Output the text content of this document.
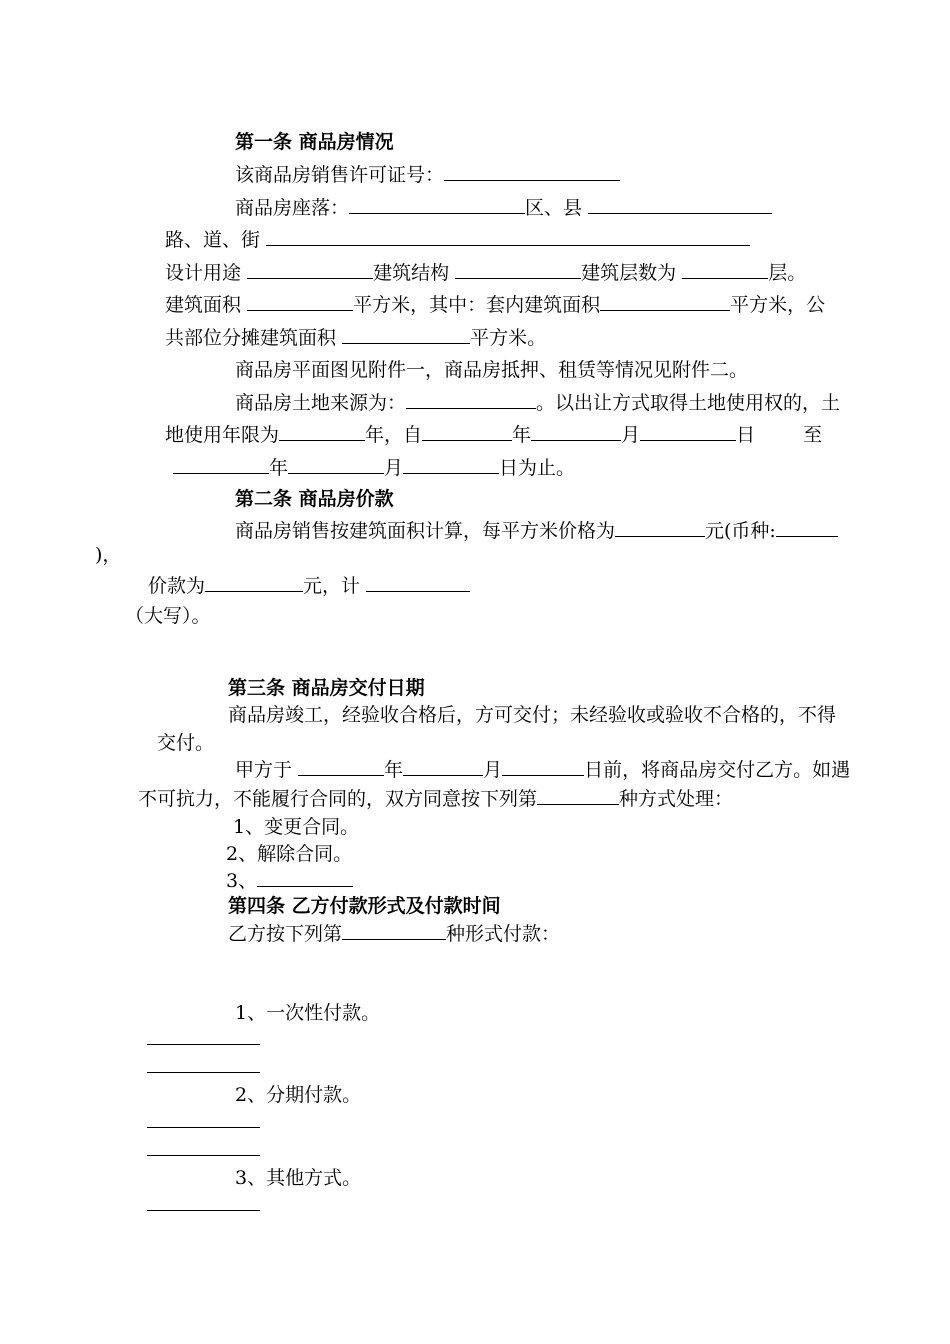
第一条 商品房情况
该商品房销售许可证号：
商品房座落：	区、县
路、道、街
设计用途	建筑结构	建筑层数为	层。
建筑面积	平方米，其中：套内建筑面积	平方米，公
共部位分摊建筑面积	平方米。
商品房平面图见附件一，商品房抵押、租赁等情况见附件二。
商品房土地来源为：	。以出让方式取得土地使用权的，土
地使用年限为	年，自	年	月	日	至
年	月	日为止。
第二条 商品房价款
商品房销售按建筑面积计算，每平方米价格为	元(币种:
)，
价款为	元，计
（大写）。
第三条 商品房交付日期
商品房竣工，经验收合格后，方可交付；未经验收或验收不合格的，不得
交付。
甲方于	年	月	日前，将商品房交付乙方。如遇
不可抗力，不能履行合同的，双方同意按下列第	种方式处理：
1、变更合同。
2、解除合同。
3、
第四条 乙方付款形式及付款时间
乙方按下列第	种形式付款：
1、一次性付款。
2、分期付款。
3、其他方式。
